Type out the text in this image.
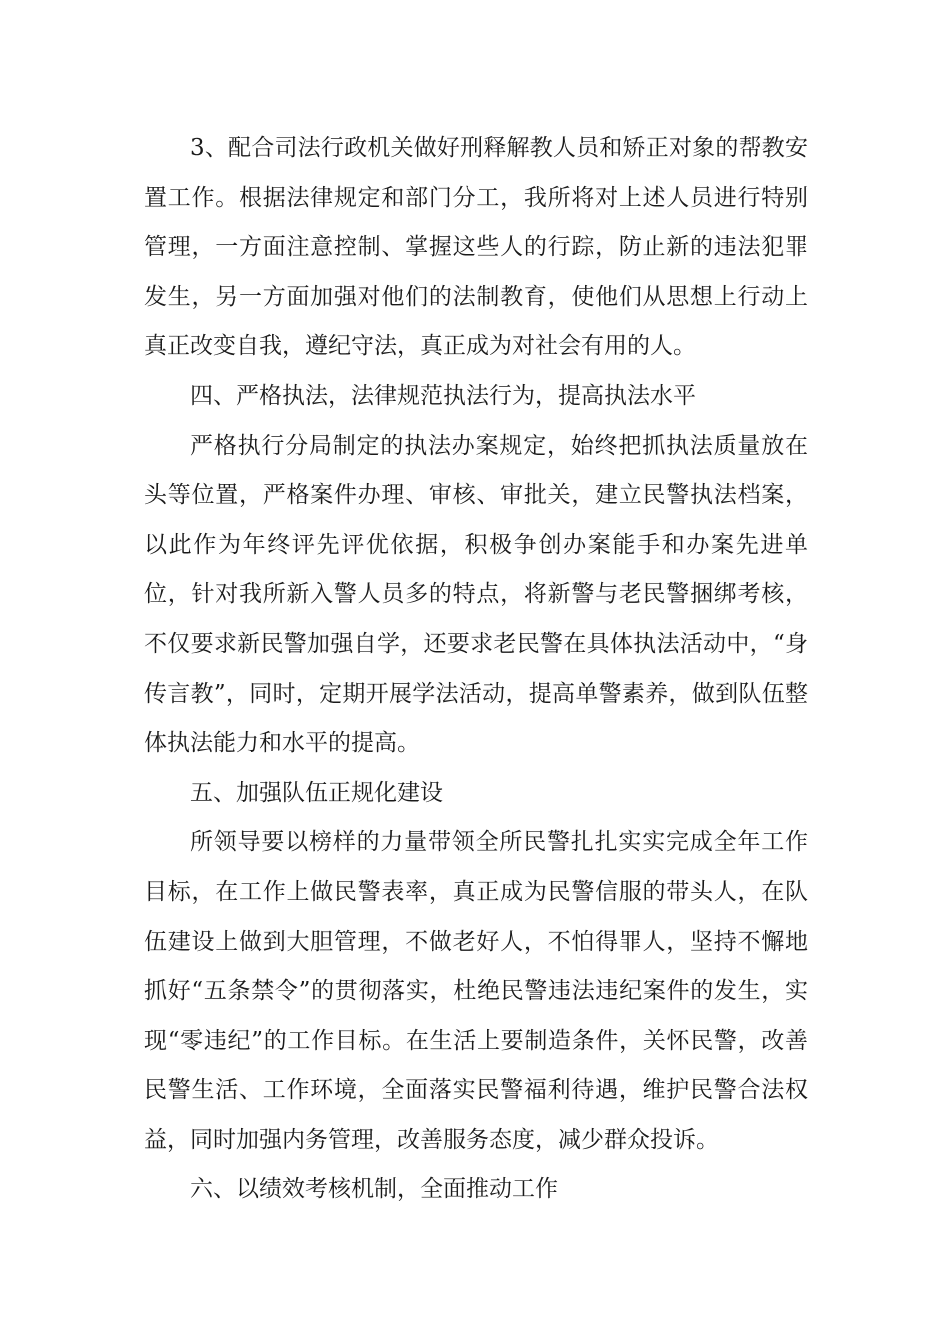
3、配合司法行政机关做好刑释解教人员和矫正对象的帮教安置工作。根据法律规定和部门分工，我所将对上述人员进行特别管理，一方面注意控制、掌握这些人的行踪，防止新的违法犯罪发生，另一方面加强对他们的法制教育，使他们从思想上行动上真正改变自我，遵纪守法，真正成为对社会有用的人。

四、严格执法，法律规范执法行为，提高执法水平

严格执行分局制定的执法办案规定，始终把抓执法质量放在头等位置，严格案件办理、审核、审批关，建立民警执法档案，以此作为年终评先评优依据，积极争创办案能手和办案先进单位，针对我所新入警人员多的特点，将新警与老民警捆绑考核，不仅要求新民警加强自学，还要求老民警在具体执法活动中，“身传言教”，同时，定期开展学法活动，提高单警素养，做到队伍整体执法能力和水平的提高。

五、加强队伍正规化建设

所领导要以榜样的力量带领全所民警扎扎实实完成全年工作目标，在工作上做民警表率，真正成为民警信服的带头人，在队伍建设上做到大胆管理，不做老好人，不怕得罪人，坚持不懈地抓好“五条禁令”的贯彻落实，杜绝民警违法违纪案件的发生，实现“零违纪”的工作目标。在生活上要制造条件，关怀民警，改善民警生活、工作环境，全面落实民警福利待遇，维护民警合法权益，同时加强内务管理，改善服务态度，减少群众投诉。

六、以绩效考核机制，全面推动工作
